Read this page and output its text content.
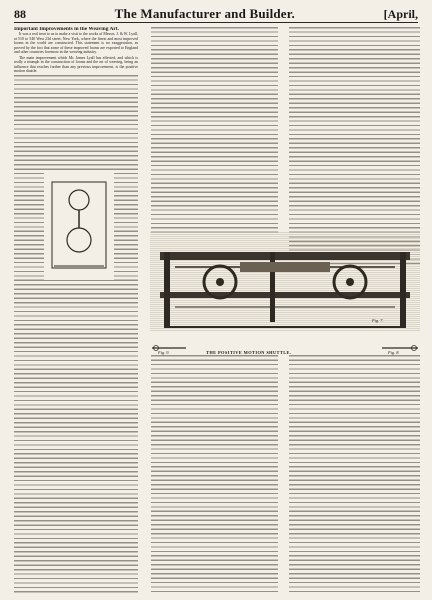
88	The Manufacturer and Builder.	[April,

Important Improvements in the Weaving Art.

It was a real treat to us to make a visit to the works of Messrs. J. & W. Lyall, at 510 to 540 West 23d street, New York, where the finest and most improved looms in the world are constructed. This statement is no exaggeration, as proved by the fact that some of these improved looms are exported to England and other countries foremost in the weaving industry.

The main improvement which Mr. James Lyall has effected, and which is really a triumph in the construction of looms and the art of weaving, being an influence that reaches further than any previous improvement, is the positive motion shuttle.

Fig. 7.
Fig. 9.	THE POSITIVE MOTION SHUTTLE.	Fig. 8.
